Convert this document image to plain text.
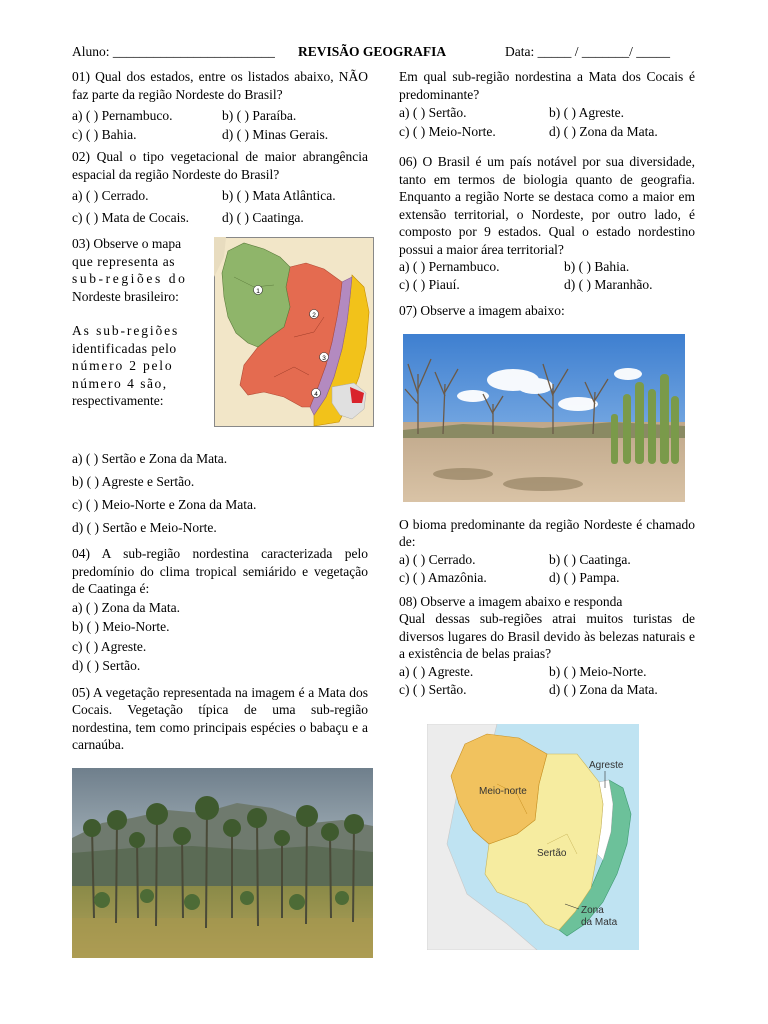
Aluno: ________________________ REVISÃO GEOGRAFIA	Data: _____ / _______/ _____

01) Qual dos estados, entre os listados abaixo, NÃO faz parte da região Nordeste do Brasil?

a) ( ) Pernambuco.	b) ( ) Paraíba.
c) ( ) Bahia.	d) ( ) Minas Gerais.

02) Qual o tipo vegetacional de maior abrangência espacial da região Nordeste do Brasil?

a) ( ) Cerrado.	b) ( ) Mata Atlântica.
c) ( ) Mata de Cocais.	d) ( ) Caatinga.
03) Observe o mapa
que representa as
sub-regiões do
Nordeste brasileiro:
As sub-regiões
identificadas pelo
número 2 pelo
número 4 são,
respectivamente:
1
2
3
4
a) ( ) Sertão e Zona da Mata.
b) ( ) Agreste e Sertão.
c) ( ) Meio-Norte e Zona da Mata.
d) ( ) Sertão e Meio-Norte.

04) A sub-região nordestina caracterizada pelo predomínio do clima tropical semiárido e vegetação de Caatinga é:

a) ( ) Zona da Mata.
b) ( ) Meio-Norte.
c) ( ) Agreste.
d) ( ) Sertão.

05) A vegetação representada na imagem é a Mata dos Cocais. Vegetação típica de uma sub-região nordestina, tem como principais espécies o babaçu e a carnaúba.

Em qual sub-região nordestina a Mata dos Cocais é predominante?

a) ( ) Sertão.	b) ( ) Agreste.
c) ( ) Meio-Norte.	d) ( ) Zona da Mata.

06) O Brasil é um país notável por sua diversidade, tanto em termos de biologia quanto de geografia. Enquanto a região Norte se destaca como a maior em extensão territorial, o Nordeste, por outro lado, é composto por 9 estados. Qual o estado nordestino possui a maior área territorial?

a) ( ) Pernambuco.	b) ( ) Bahia.
c) ( ) Piauí.	d) ( ) Maranhão.

07) Observe a imagem abaixo:

O bioma predominante da região Nordeste é chamado de:

a) ( ) Cerrado.	b) ( ) Caatinga.
c) ( ) Amazônia.	d) ( ) Pampa.

08) Observe a imagem abaixo e responda

Qual dessas sub-regiões atrai muitos turistas de diversos lugares do Brasil devido às belezas naturais e a existência de belas praias?

a) ( ) Agreste.	b) ( ) Meio-Norte.
c) ( ) Sertão.	d) ( ) Zona da Mata.
Meio-norte
Agreste
Sertão
Zona
da Mata
